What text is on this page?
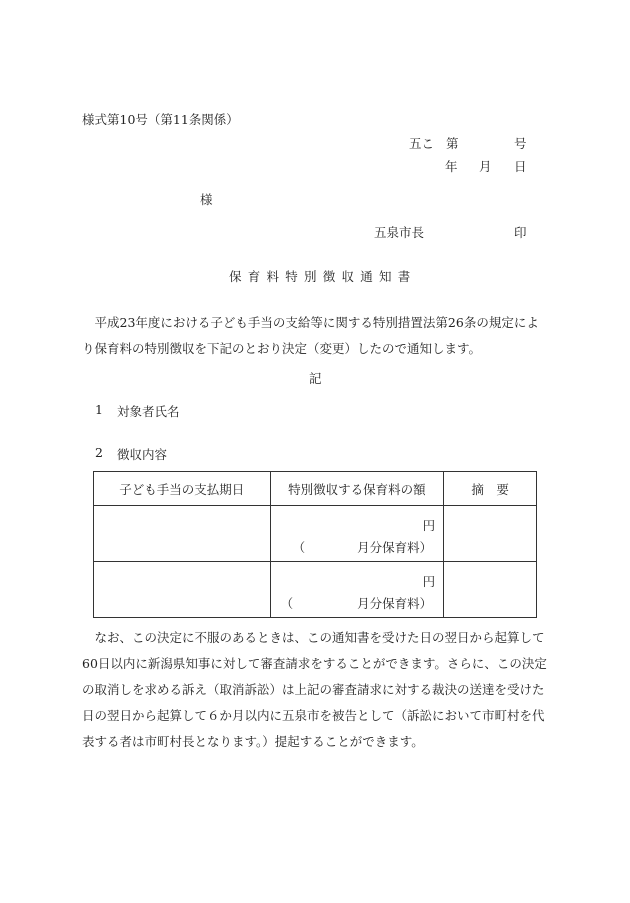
様式第10号（第11条関係）
五こ 第	号
年 月 日
様
五泉市長	印
保育料特別徴収通知書
平成23年度における子ども手当の支給等に関する特別措置法第26条の規定により保育料の特別徴収を下記のとおり決定（変更）したので通知します。
記
1 対象者氏名
2 徴収内容
子ども手当の支払期日	特別徴収する保育料の額	摘　要

	円
（ 月分保育料）	

	円
（ 月分保育料）	

なお、この決定に不服のあるときは、この通知書を受けた日の翌日から起算して60日以内に新潟県知事に対して審査請求をすることができます。さらに、この決定の取消しを求める訴え（取消訴訟）は上記の審査請求に対する裁決の送達を受けた日の翌日から起算して６か月以内に五泉市を被告として（訴訟において市町村を代表する者は市町村長となります。）提起することができます。
